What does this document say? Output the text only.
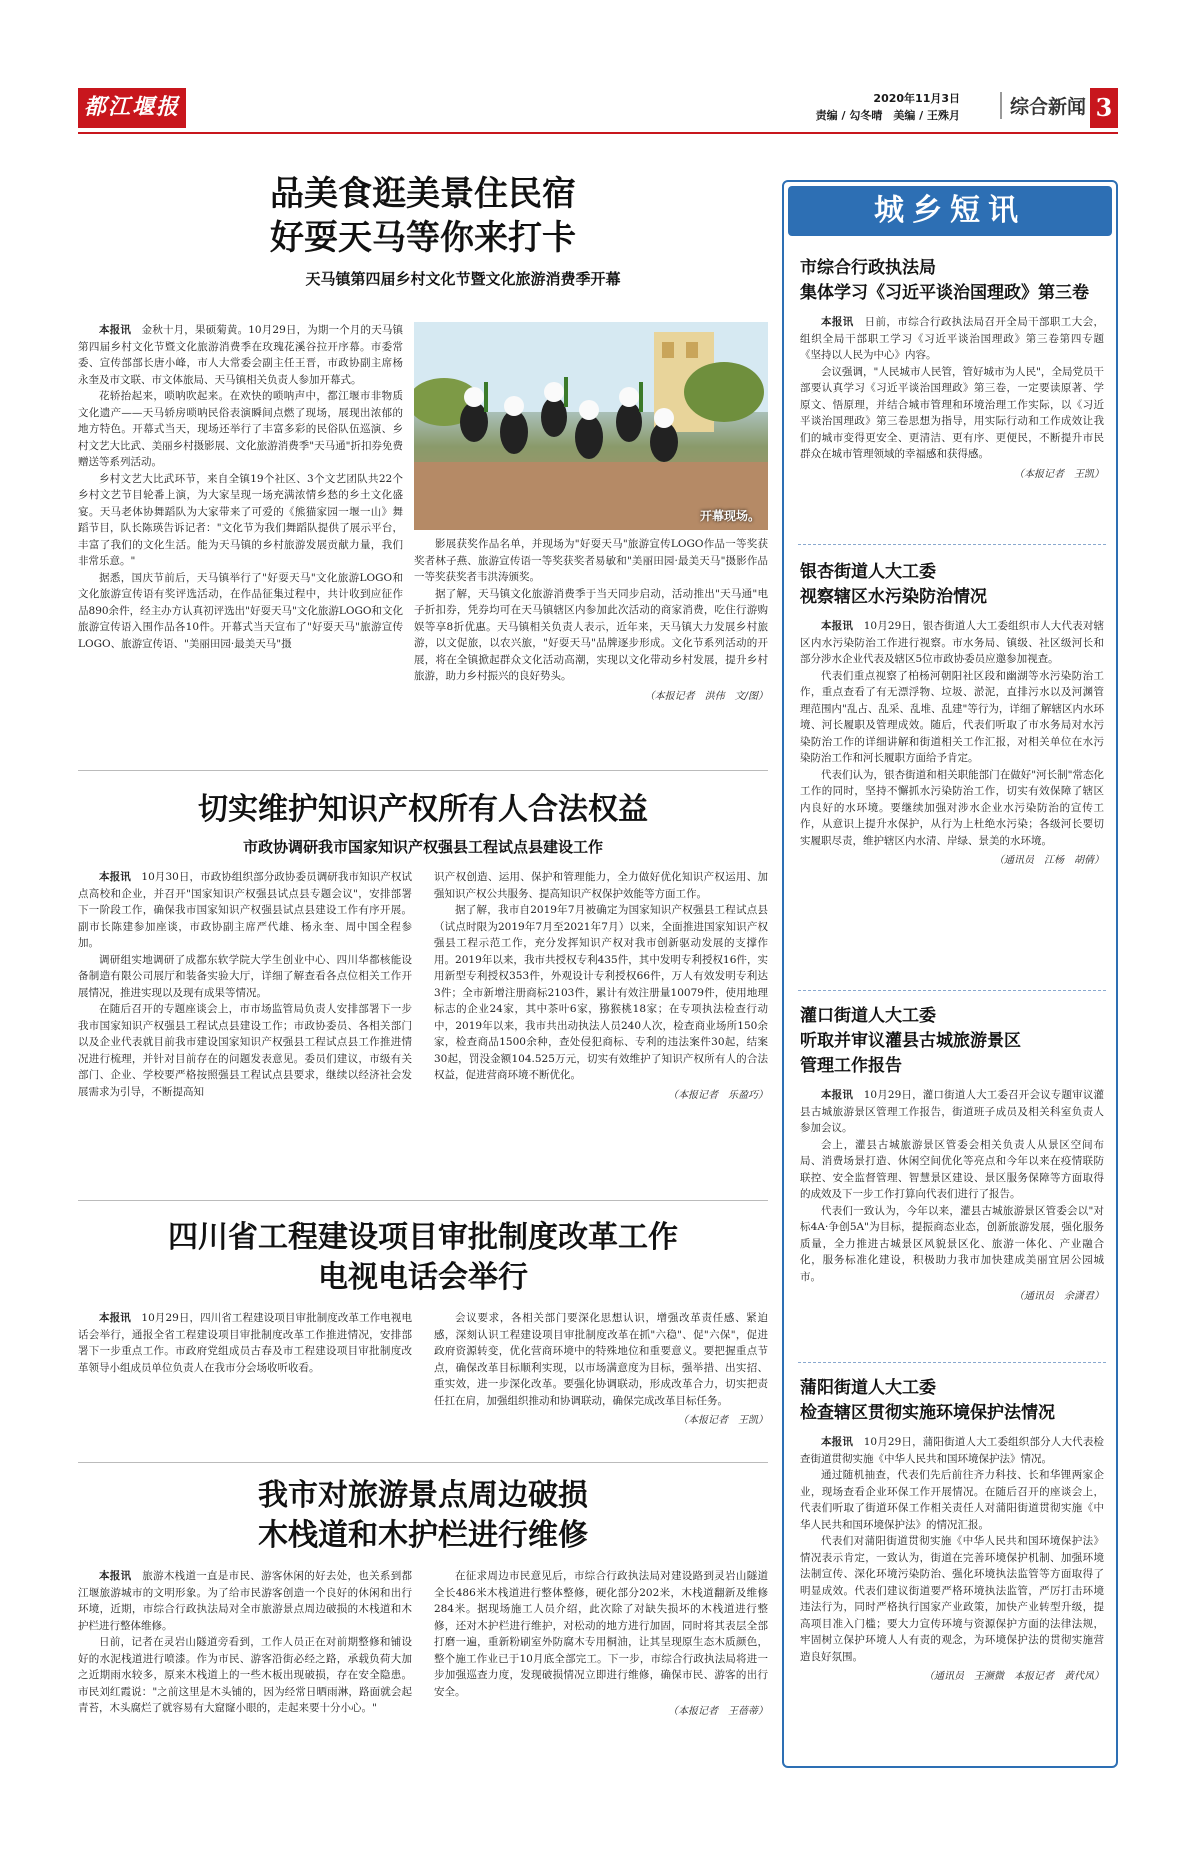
都江堰报	2020年11月3日
责编 / 勾冬晴　美编 / 王殊月	综合新闻 3
品美食逛美景住民宿
好耍天马等你来打卡
天马镇第四届乡村文化节暨文化旅游消费季开幕

本报讯　 金秋十月，果硕菊黄。10月29日，为期一个月的天马镇第四届乡村文化节暨文化旅游消费季在玫瑰花溪谷拉开序幕。市委常委、宣传部部长唐小峰，市人大常委会副主任王晋，市政协副主席杨永奎及市文联、市文体旅局、天马镇相关负责人参加开幕式。

花轿抬起来，唢呐吹起来。在欢快的唢呐声中，都江堰市非物质文化遗产——天马轿房唢呐民俗表演瞬间点燃了现场，展现出浓郁的地方特色。开幕式当天，现场还举行了丰富多彩的民俗队伍巡演、乡村文艺大比武、美丽乡村摄影展、文化旅游消费季"天马通"折扣券免费赠送等系列活动。

乡村文艺大比武环节，来自全镇19个社区、3个文艺团队共22个乡村文艺节目轮番上演，为大家呈现一场充满浓情乡愁的乡土文化盛宴。天马老体协舞蹈队为大家带来了可爱的《熊猫家园一堰一山》舞蹈节目，队长陈瑛告诉记者："文化节为我们舞蹈队提供了展示平台，丰富了我们的文化生活。能为天马镇的乡村旅游发展贡献力量，我们非常乐意。"

据悉，国庆节前后，天马镇举行了"好耍天马"文化旅游LOGO和文化旅游宣传语有奖评选活动，在作品征集过程中，共计收到应征作品890余件，经主办方认真初评选出"好耍天马"文化旅游LOGO和文化旅游宣传语入围作品各10件。开幕式当天宣布了"好耍天马"旅游宣传LOGO、旅游宣传语、"美丽田园·最美天马"摄

开幕现场。

影展获奖作品名单，并现场为"好耍天马"旅游宣传LOGO作品一等奖获奖者林子燕、旅游宣传语一等奖获奖者易敏和"美丽田园·最美天马"摄影作品一等奖获奖者韦洪涛颁奖。

据了解，天马镇文化旅游消费季于当天同步启动，活动推出"天马通"电子折扣券，凭券均可在天马镇辖区内参加此次活动的商家消费，吃住行游购娱等享8折优惠。天马镇相关负责人表示，近年来，天马镇大力发展乡村旅游，以文促旅，以农兴旅，"好耍天马"品牌逐步形成。文化节系列活动的开展，将在全镇掀起群众文化活动高潮，实现以文化带动乡村发展，提升乡村旅游，助力乡村振兴的良好势头。

（本报记者　洪伟　文/图）
切实维护知识产权所有人合法权益
市政协调研我市国家知识产权强县工程试点县建设工作

本报讯　 10月30日，市政协组织部分政协委员调研我市知识产权试点高校和企业，并召开"国家知识产权强县试点县专题会议"，安排部署下一阶段工作，确保我市国家知识产权强县试点县建设工作有序开展。副市长陈建参加座谈，市政协副主席严代雄、杨永奎、周中国全程参加。

调研组实地调研了成都东软学院大学生创业中心、四川华都核能设备制造有限公司展厅和装备实验大厅，详细了解查看各点位相关工作开展情况，推进实现以及现有成果等情况。

在随后召开的专题座谈会上，市市场监管局负责人安排部署下一步我市国家知识产权强县工程试点县建设工作；市政协委员、各相关部门以及企业代表就目前我市建设国家知识产权强县工程试点县工作推进情况进行梳理，并针对目前存在的问题发表意见。委员们建议，市级有关部门、企业、学校要严格按照强县工程试点县要求，继续以经济社会发展需求为引导，不断提高知

识产权创造、运用、保护和管理能力，全力做好优化知识产权运用、加强知识产权公共服务、提高知识产权保护效能等方面工作。

据了解，我市自2019年7月被确定为国家知识产权强县工程试点县（试点时限为2019年7月至2021年7月）以来，全面推进国家知识产权强县工程示范工作，充分发挥知识产权对我市创新驱动发展的支撑作用。2019年以来，我市共授权专利435件，其中发明专利授权16件，实用新型专利授权353件，外观设计专利授权66件，万人有效发明专利达3件；全市新增注册商标2103件，累计有效注册量10079件，使用地理标志的企业24家，其中茶叶6家，猕猴桃18家；在专项执法检查行动中，2019年以来，我市共出动执法人员240人次，检查商业场所150余家，检查商品1500余种，查处侵犯商标、专利的违法案件30起，结案30起，罚没金额104.525万元，切实有效维护了知识产权所有人的合法权益，促进营商环境不断优化。

（本报记者　乐盈巧）
四川省工程建设项目审批制度改革工作
电视电话会举行

本报讯　 10月29日，四川省工程建设项目审批制度改革工作电视电话会举行，通报全省工程建设项目审批制度改革工作推进情况，安排部署下一步重点工作。市政府党组成员古春及市工程建设项目审批制度改革领导小组成员单位负责人在我市分会场收听收看。

会议要求，各相关部门要深化思想认识，增强改革责任感、紧迫感，深刻认识工程建设项目审批制度改革在抓"六稳"、促"六保"，促进政府资源转变，优化营商环境中的特殊地位和重要意义。要把握重点节点，确保改革目标顺利实现，以市场满意度为目标，强举措、出实招、重实效，进一步深化改革。要强化协调联动，形成改革合力，切实把责任扛在肩，加强组织推动和协调联动，确保完成改革目标任务。

（本报记者　王凯）
我市对旅游景点周边破损
木栈道和木护栏进行维修

本报讯　 旅游木栈道一直是市民、游客休闲的好去处，也关系到都江堰旅游城市的文明形象。为了给市民游客创造一个良好的休闲和出行环境，近期，市综合行政执法局对全市旅游景点周边破损的木栈道和木护栏进行整体维修。

日前，记者在灵岩山隧道旁看到，工作人员正在对前期整修和铺设好的水泥栈道进行喷漆。作为市民、游客沿街必经之路，承载负荷大加之近期雨水较多，原来木栈道上的一些木板出现破损，存在安全隐患。市民刘红霞说："之前这里是木头铺的，因为经常日晒雨淋，路面就会起青苔，木头腐烂了就容易有大窟窿小眼的，走起来要十分小心。"

在征求周边市民意见后，市综合行政执法局对建设路到灵岩山隧道全长486米木栈道进行整体整修，硬化部分202米，木栈道翻新及维修284米。据现场施工人员介绍，此次除了对缺失损坏的木栈道进行整修，还对木护栏进行维护，对松动的地方进行加固，同时将其表层全部打磨一遍，重新粉刷室外防腐木专用桐油，让其呈现原生态木质颜色，整个施工作业已于10月底全部完工。下一步，市综合行政执法局将进一步加强巡查力度，发现破损情况立即进行维修，确保市民、游客的出行安全。

（本报记者　王蓓蒂）
城乡短讯
市综合行政执法局
集体学习《习近平谈治国理政》第三卷

本报讯　 日前，市综合行政执法局召开全局干部职工大会，组织全局干部职工学习《习近平谈治国理政》第三卷第四专题《坚持以人民为中心》内容。

会议强调，"人民城市人民管，管好城市为人民"，全局党员干部要认真学习《习近平谈治国理政》第三卷，一定要读原著、学原文、悟原理，并结合城市管理和环境治理工作实际，以《习近平谈治国理政》第三卷思想为指导，用实际行动和工作成效让我们的城市变得更安全、更清洁、更有序、更便民，不断提升市民群众在城市管理领域的幸福感和获得感。

（本报记者　王凯）
银杏街道人大工委
视察辖区水污染防治情况

本报讯　 10月29日，银杏街道人大工委组织市人大代表对辖区内水污染防治工作进行视察。市水务局、镇级、社区级河长和部分涉水企业代表及辖区5位市政协委员应邀参加视查。

代表们重点视察了柏杨河朝阳社区段和幽湖等水污染防治工作，重点查看了有无漂浮物、垃圾、淤泥，直排污水以及河渊管理范围内"乱占、乱采、乱堆、乱建"等行为，详细了解辖区内水环境、河长履职及管理成效。随后，代表们听取了市水务局对水污染防治工作的详细讲解和街道相关工作汇报，对相关单位在水污染防治工作和河长履职方面给予肯定。

代表们认为，银杏街道和相关职能部门在做好"河长制"常态化工作的同时，坚持不懈抓水污染防治工作，切实有效保障了辖区内良好的水环境。要继续加强对涉水企业水污染防治的宣传工作，从意识上提升水保护，从行为上杜绝水污染；各级河长要切实履职尽责，维护辖区内水清、岸绿、景美的水环境。

（通讯员　江杨　胡倩）
灌口街道人大工委
听取并审议灌县古城旅游景区
管理工作报告

本报讯　 10月29日，灌口街道人大工委召开会议专题审议灌县古城旅游景区管理工作报告，街道班子成员及相关科室负责人参加会议。

会上，灌县古城旅游景区管委会相关负责人从景区空间布局、消费场景打造、休闲空间优化等亮点和今年以来在疫情联防联控、安全监督管理、智慧景区建设、景区服务保障等方面取得的成效及下一步工作打算向代表们进行了报告。

代表们一致认为，今年以来，灌县古城旅游景区管委会以"对标4A·争创5A"为目标，提振商态业态，创新旅游发展，强化服务质量，全力推进古城景区风貌景区化、旅游一体化、产业融合化，服务标准化建设，积极助力我市加快建成美丽宜居公园城市。

（通讯员　余潇君）
蒲阳街道人大工委
检查辖区贯彻实施环境保护法情况

本报讯　 10月29日，蒲阳街道人大工委组织部分人大代表检查街道贯彻实施《中华人民共和国环境保护法》情况。

通过随机抽查，代表们先后前往齐力科技、长和华锂两家企业，现场查看企业环保工作开展情况。在随后召开的座谈会上，代表们听取了街道环保工作相关责任人对蒲阳街道贯彻实施《中华人民共和国环境保护法》的情况汇报。

代表们对蒲阳街道贯彻实施《中华人民共和国环境保护法》情况表示肯定，一致认为，街道在完善环境保护机制、加强环境法制宣传、深化环境污染防治、强化环境执法监管等方面取得了明显成效。代表们建议街道要严格环境执法监管，严厉打击环境违法行为，同时严格执行国家产业政策，加快产业转型升级，提高项目准入门槛；要大力宣传环境与资源保护方面的法律法规，牢固树立保护环境人人有责的观念，为环境保护法的贯彻实施营造良好氛围。

（通讯员　王濒微　本报记者　黄代凤）
